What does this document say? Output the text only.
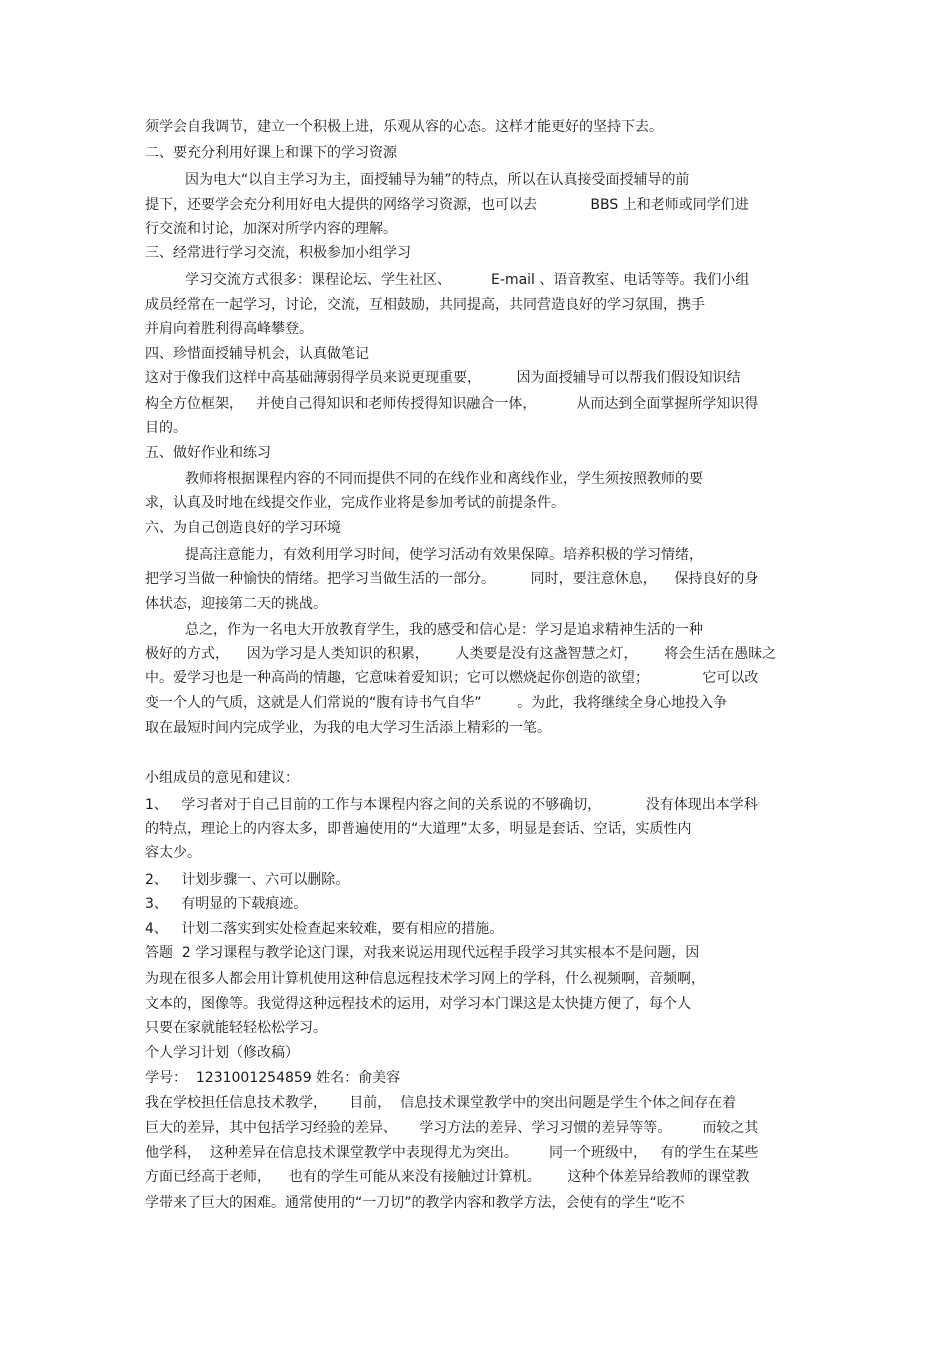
须学会自我调节，建立一个积极上进，乐观从容的心态。这样才能更好的坚持下去。
二、要充分利用好课上和课下的学习资源
因为电大“以自主学习为主，面授辅导为辅”的特点，所以在认真接受面授辅导的前
提下，还要学会充分利用好电大提供的网络学习资源，也可以去            BBS 上和老师或同学们进
行交流和讨论，加深对所学内容的理解。
三、经常进行学习交流，积极参加小组学习
学习交流方式很多：课程论坛、学生社区、         E-mail 、语音教室、电话等等。我们小组
成员经常在一起学习，讨论，交流，互相鼓励，共同提高，共同营造良好的学习氛围，携手
并肩向着胜利得高峰攀登。
四、珍惜面授辅导机会，认真做笔记
这对于像我们这样中高基础薄弱得学员来说更现重要，        因为面授辅导可以帮我们假设知识结
构全方位框架，   并使自己得知识和老师传授得知识融合一体，         从而达到全面掌握所学知识得
目的。
五、做好作业和练习
教师将根据课程内容的不同而提供不同的在线作业和离线作业，学生须按照教师的要
求，认真及时地在线提交作业，完成作业将是参加考试的前提条件。
六、为自己创造良好的学习环境
提高注意能力，有效利用学习时间，使学习活动有效果保障。培养积极的学习情绪，
把学习当做一种愉快的情绪。把学习当做生活的一部分。        同时，要注意休息，    保持良好的身
体状态，迎接第二天的挑战。
总之，作为一名电大开放教育学生，我的感受和信心是：学习是追求精神生活的一种
极好的方式，    因为学习是人类知识的积累，      人类要是没有这盏智慧之灯，      将会生活在愚昧之
中。爱学习也是一种高尚的情趣，它意味着爱知识；它可以燃烧起你创造的欲望；            它可以改
变一个人的气质，这就是人们常说的“腹有诗书气自华”        。为此，我将继续全身心地投入争
取在最短时间内完成学业，为我的电大学习生活添上精彩的一笔。
小组成员的意见和建议：
1、   学习者对于自己目前的工作与本课程内容之间的关系说的不够确切，          没有体现出本学科
的特点，理论上的内容太多，即普遍使用的“大道理”太多，明显是套话、空话，实质性内
容太少。
2、   计划步骤一、六可以删除。
3、   有明显的下载痕迹。
4、   计划二落实到实处检查起来较难，要有相应的措施。
答题  2 学习课程与教学论这门课，对我来说运用现代远程手段学习其实根本不是问题，因
为现在很多人都会用计算机使用这种信息远程技术学习网上的学科，什么视频啊，音频啊，
文本的，图像等。我觉得这种远程技术的运用，对学习本门课这是太快捷方便了，每个人
只要在家就能轻轻松松学习。
个人学习计划（修改稿）
学号：  1231001254859 姓名：俞美容
我在学校担任信息技术教学，     目前，  信息技术课堂教学中的突出问题是学生个体之间存在着
巨大的差异，其中包括学习经验的差异、     学习方法的差异、学习习惯的差异等等。       而较之其
他学科，  这种差异在信息技术课堂教学中表现得尤为突出。       同一个班级中，   有的学生在某些
方面已经高于老师，    也有的学生可能从来没有接触过计算机。      这种个体差异给教师的课堂教
学带来了巨大的困难。通常使用的“一刀切”的教学内容和教学方法，会使有的学生“吃不
